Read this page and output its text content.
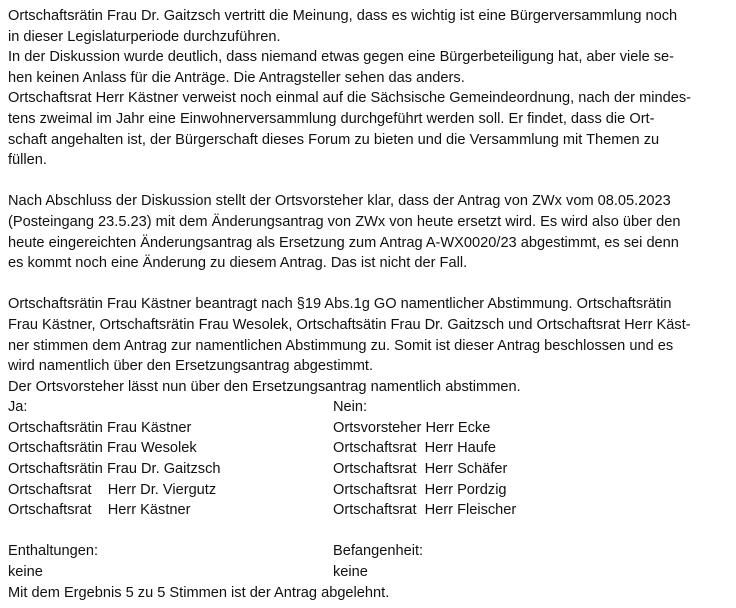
Ortschaftsrätin Frau Dr. Gaitzsch vertritt die Meinung, dass es wichtig ist eine Bürgerversammlung noch
in dieser Legislaturperiode durchzuführen.
In der Diskussion wurde deutlich, dass niemand etwas gegen eine Bürgerbeteiligung hat, aber viele se-
hen keinen Anlass für die Anträge. Die Antragsteller sehen das anders.
Ortschaftsrat Herr Kästner verweist noch einmal auf die Sächsische Gemeindeordnung, nach der mindes-
tens zweimal im Jahr eine Einwohnerversammlung durchgeführt werden soll. Er findet, dass die Ort-
schaft angehalten ist, der Bürgerschaft dieses Forum zu bieten und die Versammlung mit Themen zu
füllen.
Nach Abschluss der Diskussion stellt der Ortsvorsteher klar, dass der Antrag von ZWx vom 08.05.2023
(Posteingang 23.5.23) mit dem Änderungsantrag von ZWx von heute ersetzt wird. Es wird also über den
heute eingereichten Änderungsantrag als Ersetzung zum Antrag A-WX0020/23 abgestimmt, es sei denn
es kommt noch eine Änderung zu diesem Antrag. Das ist nicht der Fall.
Ortschaftsrätin Frau Kästner beantragt nach §19 Abs.1g GO namentlicher Abstimmung. Ortschaftsrätin
Frau Kästner, Ortschaftsrätin Frau Wesolek, Ortschaftsätin Frau Dr. Gaitzsch und Ortschaftsrat Herr Käst-
ner stimmen dem Antrag zur namentlichen Abstimmung zu. Somit ist dieser Antrag beschlossen und es
wird namentlich über den Ersetzungsantrag abgestimmt.
Der Ortsvorsteher lässt nun über den Ersetzungsantrag namentlich abstimmen.
Ja:	Nein:
Ortschaftsrätin Frau Kästner	Ortsvorsteher Herr Ecke
Ortschaftsrätin Frau Wesolek	Ortschaftsrat  Herr Haufe
Ortschaftsrätin Frau Dr. Gaitzsch	Ortschaftsrat  Herr Schäfer
Ortschaftsrat    Herr Dr. Viergutz	Ortschaftsrat  Herr Pordzig
Ortschaftsrat    Herr Kästner	Ortschaftsrat  Herr Fleischer
Enthaltungen:	Befangenheit:
keine	keine
Mit dem Ergebnis 5 zu 5 Stimmen ist der Antrag abgelehnt.
